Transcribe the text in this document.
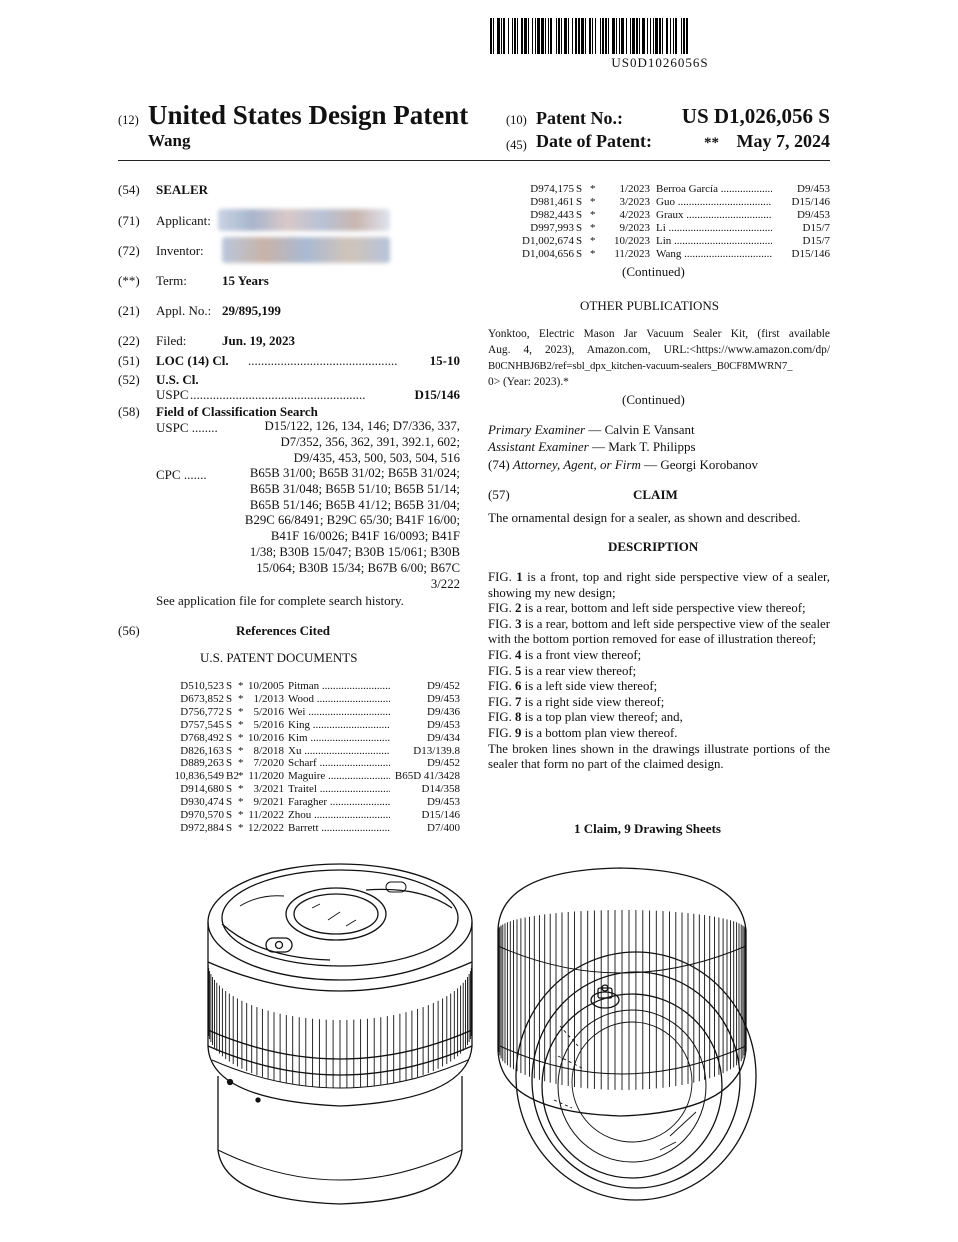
US0D1026056S
(12) United States Design Patent
Wang
(10) Patent No.:	US D1,026,056 S
(45) Date of Patent:	** May 7, 2024
(54) SEALER
(71) Applicant:
(72) Inventor:
(**) Term:	15 Years
(21) Appl. No.: 29/895,199
(22) Filed:	Jun. 19, 2023
(51) LOC (14) Cl. ..............................................	15-10
(52) U.S. Cl.
USPC ......................................................	D15/146
(58) Field of Classification Search
USPC ........	D15/122, 126, 134, 146; D7/336, 337,
D7/352, 356, 362, 391, 392.1, 602;
D9/435, 453, 500, 503, 504, 516
CPC .......	B65B 31/00; B65B 31/02; B65B 31/024;
B65B 31/048; B65B 51/10; B65B 51/14;
B65B 51/146; B65B 41/12; B65B 31/04;
B29C 66/8491; B29C 65/30; B41F 16/00;
B41F 16/0026; B41F 16/0093; B41F
1/38; B30B 15/047; B30B 15/061; B30B
15/064; B30B 15/34; B67B 6/00; B67C
3/222
See application file for complete search history.
(56)	References Cited
U.S. PATENT DOCUMENTS
D510,523 S * 10/2005 Pitman .....	D9/452
D673,852 S * 1/2013 Wood .....	D9/453
D756,772 S * 5/2016 Wei .....	D9/436
D757,545 S * 5/2016 King .....	D9/453
D768,492 S * 10/2016 Kim .....	D9/434
D826,163 S * 8/2018 Xu .....	D13/139.8
D889,263 S * 7/2020 Scharf .....	D9/452
10,836,549 B2 * 11/2020 Maguire .....	B65D 41/3428
D914,680 S * 3/2021 Traitel .....	D14/358
D930,474 S * 9/2021 Faragher .....	D9/453
D970,570 S * 11/2022 Zhou .....	D15/146
D972,884 S * 12/2022 Barrett .....	D7/400
D974,175 S * 1/2023 Berroa García .....	D9/453
D981,461 S * 3/2023 Guo .....	D15/146
D982,443 S * 4/2023 Graux .....	D9/453
D997,993 S * 9/2023 Li .....	D15/7
D1,002,674 S * 10/2023 Lin .....	D15/7
D1,004,656 S * 11/2023 Wang .....	D15/146
(Continued)
OTHER PUBLICATIONS
Yonktoo, Electric Mason Jar Vacuum Sealer Kit, (first available
Aug. 4, 2023), Amazon.com, URL:<https://www.amazon.com/dp/
B0CNHBJ6B2/ref=sbl_dpx_kitchen-vacuum-sealers_B0CF8MWRN7_
0> (Year: 2023).*
(Continued)
Primary Examiner — Calvin E Vansant
Assistant Examiner — Mark T. Philipps
(74) Attorney, Agent, or Firm — Georgi Korobanov
(57)	CLAIM
The ornamental design for a sealer, as shown and described.
DESCRIPTION

FIG. 1 is a front, top and right side perspective view of a sealer, showing my new design;

FIG. 2 is a rear, bottom and left side perspective view thereof;

FIG. 3 is a rear, bottom and left side perspective view of the sealer with the bottom portion removed for ease of illustration thereof;

FIG. 4 is a front view thereof;

FIG. 5 is a rear view thereof;

FIG. 6 is a left side view thereof;

FIG. 7 is a right side view thereof;

FIG. 8 is a top plan view thereof; and,

FIG. 9 is a bottom plan view thereof.

The broken lines shown in the drawings illustrate portions of the sealer that form no part of the claimed design.

1 Claim, 9 Drawing Sheets
